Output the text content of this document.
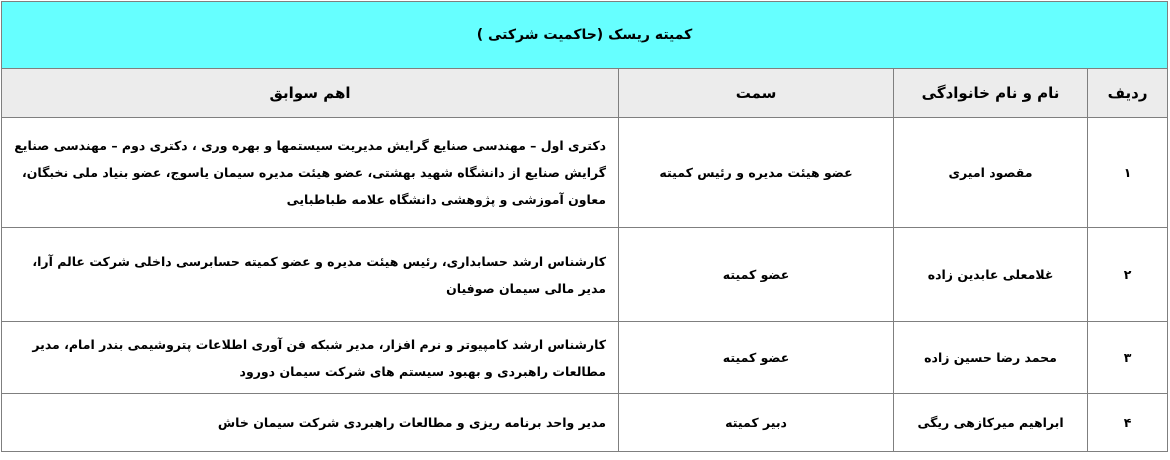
کمیته ریسک (حاکمیت شرکتی )			
ردیف	نام و نام خانوادگی	سمت	اهم سوابق
۱	مقصود امیری	عضو هیئت مدیره و رئیس کمیته	دکتری اول – مهندسی صنایع گرایش مدیریت سیستمها و بهره وری ، دکتری دوم – مهندسی صنایع گرایش صنایع از دانشگاه شهید بهشتی، عضو هیئت مدیره سیمان یاسوج، عضو بنیاد ملی نخبگان، معاون آموزشی و پژوهشی دانشگاه علامه طباطبایی
۲	غلامعلی عابدین زاده	عضو کمیته	کارشناس ارشد حسابداری، رئیس هیئت مدیره و عضو کمیته حسابرسی داخلی شرکت عالم آرا، مدیر مالی سیمان صوفیان
۳	محمد رضا حسین زاده	عضو کمیته	کارشناس ارشد کامپیوتر و نرم افزار، مدیر شبکه فن آوری اطلاعات پتروشیمی بندر امام، مدیر مطالعات راهبردی و بهبود سیستم های شرکت سیمان دورود
۴	ابراهیم میرکازهی ریگی	دبیر کمیته	مدیر واحد برنامه ریزی و مطالعات راهبردی شرکت سیمان خاش
